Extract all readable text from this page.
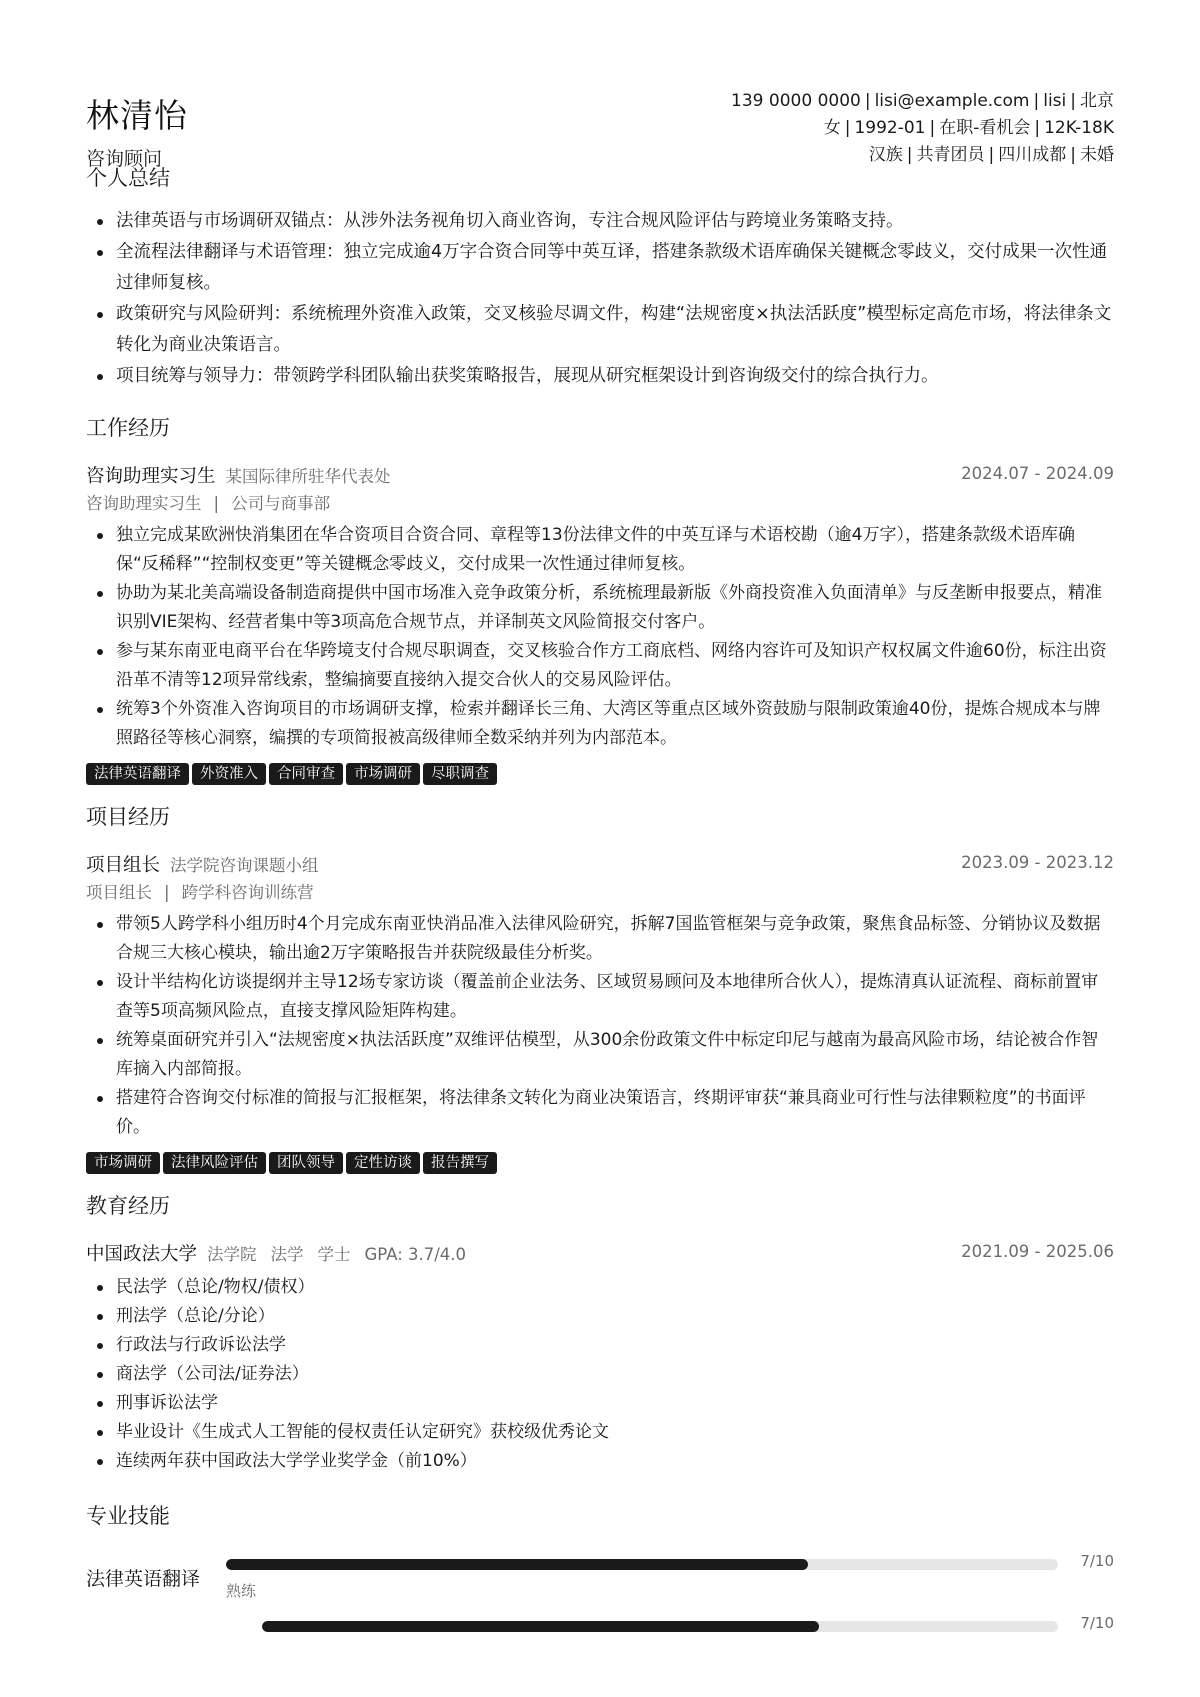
林清怡
咨询顾问
139 0000 0000 | lisi@example.com | lisi | 北京
女 | 1992-01 | 在职-看机会 | 12K-18K
汉族 | 共青团员 | 四川成都 | 未婚
个人总结
法律英语与市场调研双锚点：从涉外法务视角切入商业咨询，专注合规风险评估与跨境业务策略支持。
全流程法律翻译与术语管理：独立完成逾4万字合资合同等中英互译，搭建条款级术语库确保关键概念零歧义，交付成果一次性通过律师复核。
政策研究与风险研判：系统梳理外资准入政策，交叉核验尽调文件，构建“法规密度×执法活跃度”模型标定高危市场，将法律条文转化为商业决策语言。
项目统筹与领导力：带领跨学科团队输出获奖策略报告，展现从研究框架设计到咨询级交付的综合执行力。
工作经历
咨询助理实习生 某国际律所驻华代表处	2024.07 - 2024.09
咨询助理实习生 | 公司与商事部
独立完成某欧洲快消集团在华合资项目合资合同、章程等13份法律文件的中英互译与术语校勘（逾4万字），搭建条款级术语库确保“反稀释”“控制权变更”等关键概念零歧义，交付成果一次性通过律师复核。
协助为某北美高端设备制造商提供中国市场准入竞争政策分析，系统梳理最新版《外商投资准入负面清单》与反垄断申报要点，精准识别VIE架构、经营者集中等3项高危合规节点，并译制英文风险简报交付客户。
参与某东南亚电商平台在华跨境支付合规尽职调查，交叉核验合作方工商底档、网络内容许可及知识产权权属文件逾60份，标注出资沿革不清等12项异常线索，整编摘要直接纳入提交合伙人的交易风险评估。
统筹3个外资准入咨询项目的市场调研支撑，检索并翻译长三角、大湾区等重点区域外资鼓励与限制政策逾40份，提炼合规成本与牌照路径等核心洞察，编撰的专项简报被高级律师全数采纳并列为内部范本。
法律英语翻译 外资准入 合同审查 市场调研 尽职调查
项目经历
项目组长 法学院咨询课题小组	2023.09 - 2023.12
项目组长 | 跨学科咨询训练营
带领5人跨学科小组历时4个月完成东南亚快消品准入法律风险研究，拆解7国监管框架与竞争政策，聚焦食品标签、分销协议及数据合规三大核心模块，输出逾2万字策略报告并获院级最佳分析奖。
设计半结构化访谈提纲并主导12场专家访谈（覆盖前企业法务、区域贸易顾问及本地律所合伙人），提炼清真认证流程、商标前置审查等5项高频风险点，直接支撑风险矩阵构建。
统筹桌面研究并引入“法规密度×执法活跃度”双维评估模型，从300余份政策文件中标定印尼与越南为最高风险市场，结论被合作智库摘入内部简报。
搭建符合咨询交付标准的简报与汇报框架，将法律条文转化为商业决策语言，终期评审获“兼具商业可行性与法律颗粒度”的书面评价。
市场调研 法律风险评估 团队领导 定性访谈 报告撰写
教育经历
中国政法大学 法学院 法学 学士 GPA: 3.7/4.0	2021.09 - 2025.06
民法学（总论/物权/债权）
刑法学（总论/分论）
行政法与行政诉讼法学
商法学（公司法/证券法）
刑事诉讼法学
毕业设计《生成式人工智能的侵权责任认定研究》获校级优秀论文
连续两年获中国政法大学学业奖学金（前10%）
专业技能
法律英语翻译
7/10
熟练
7/10
